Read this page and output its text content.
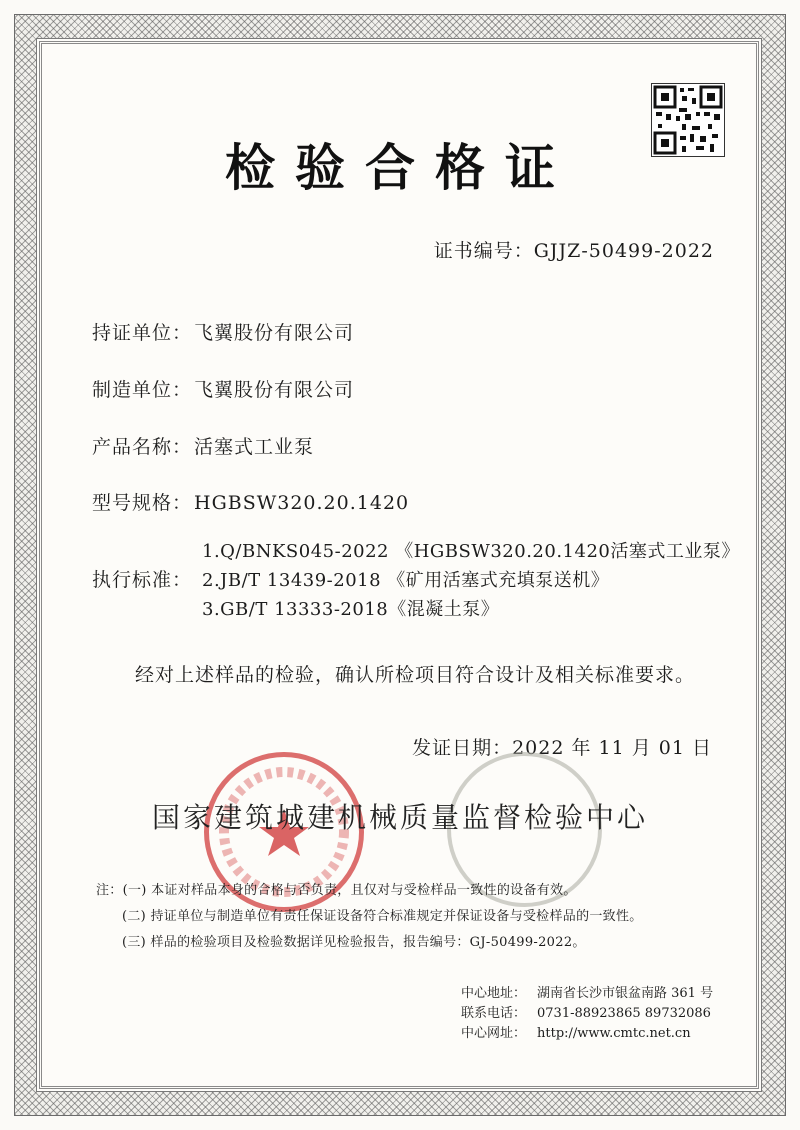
检验合格证
证书编号：GJJZ-50499-2022
持证单位： 飞翼股份有限公司
制造单位： 飞翼股份有限公司
产品名称： 活塞式工业泵
型号规格： HGBSW320.20.1420
执行标准：
1.Q/BNKS045-2022 《HGBSW320.20.1420活塞式工业泵》
2.JB/T 13439-2018 《矿用活塞式充填泵送机》
3.GB/T 13333-2018《混凝土泵》
经对上述样品的检验，确认所检项目符合设计及相关标准要求。
发证日期：2022 年 11 月 01 日
国家建筑城建机械质量监督检验中心
注：(一) 本证对样品本身的合格与否负责，且仅对与受检样品一致性的设备有效。
(二) 持证单位与制造单位有责任保证设备符合标准规定并保证设备与受检样品的一致性。
(三) 样品的检验项目及检验数据详见检验报告，报告编号：GJ-50499-2022。
中心地址： 湖南省长沙市银盆南路 361 号
联系电话： 0731-88923865 89732086
中心网址： http://www.cmtc.net.cn
